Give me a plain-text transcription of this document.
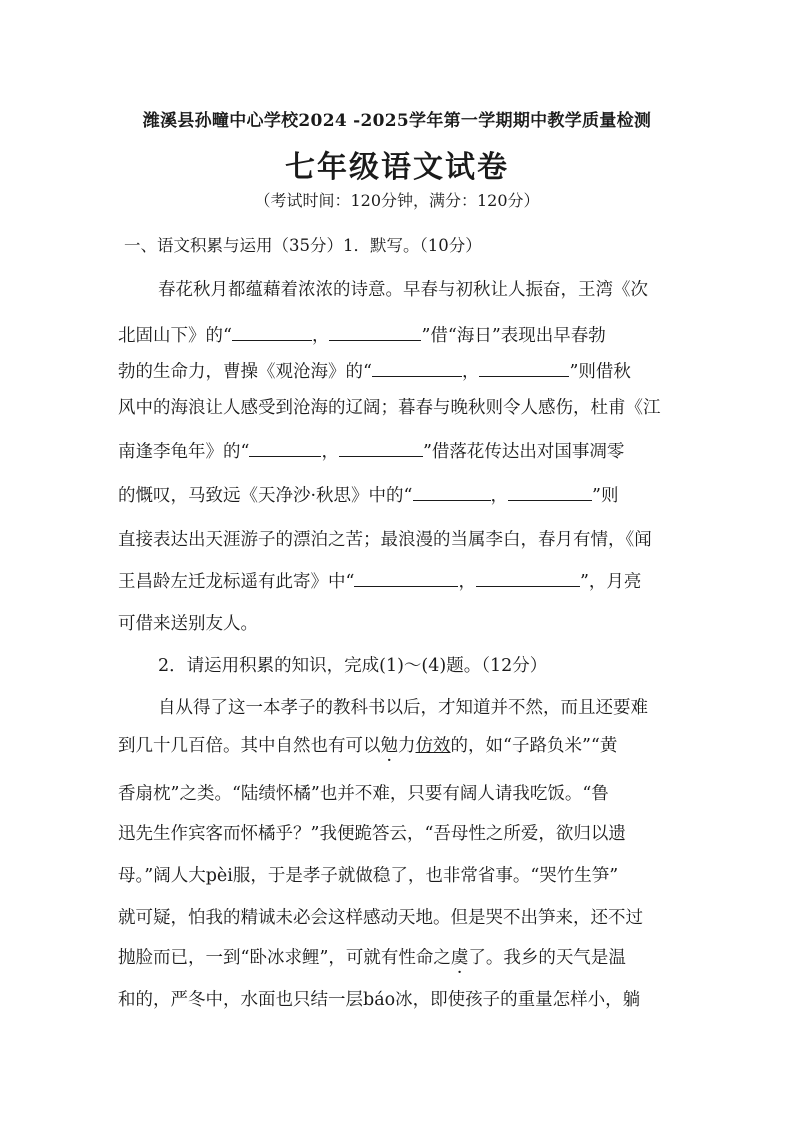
潍溪县孙疃中心学校2024 -2025学年第一学期期中教学质量检测
七年级语文试卷
（考试时间：120分钟，满分：120分）
一、语文积累与运用（35分）1．默写。（10分）
春花秋月都蕴藉着浓浓的诗意。早春与初秋让人振奋，王湾《次
北固山下》的“	，	”借“海日”表现出早春勃
勃的生命力，曹操《观沧海》的“	，	”则借秋
风中的海浪让人感受到沧海的辽阔；暮春与晚秋则令人感伤，杜甫《江
南逢李龟年》的“	，	”借落花传达出对国事凋零
的慨叹，马致远《天净沙·秋思》中的“	，	”则
直接表达出天涯游子的漂泊之苦；最浪漫的当属李白，春月有情，《闻
王昌龄左迁龙标遥有此寄》中“	，	”，月亮
可借来送别友人。
2．请运用积累的知识，完成(1)～(4)题。（12分）
自从得了这一本孝子的教科书以后，才知道并不然，而且还要难
到几十几百倍。其中自然也有可以勉力仿效的，如“子路负米”“黄
香扇枕”之类。“陆绩怀橘”也并不难，只要有阔人请我吃饭。“鲁
迅先生作宾客而怀橘乎？”我便跪答云，“吾母性之所爱，欲归以遗
母。”阔人大pèi服，于是孝子就做稳了，也非常省事。“哭竹生笋”
就可疑，怕我的精诚未必会这样感动天地。但是哭不出笋来，还不过
抛脸而已，一到“卧冰求鲤”，可就有性命之虞了。我乡的天气是温
和的，严冬中，水面也只结一层báo冰，即使孩子的重量怎样小，躺
